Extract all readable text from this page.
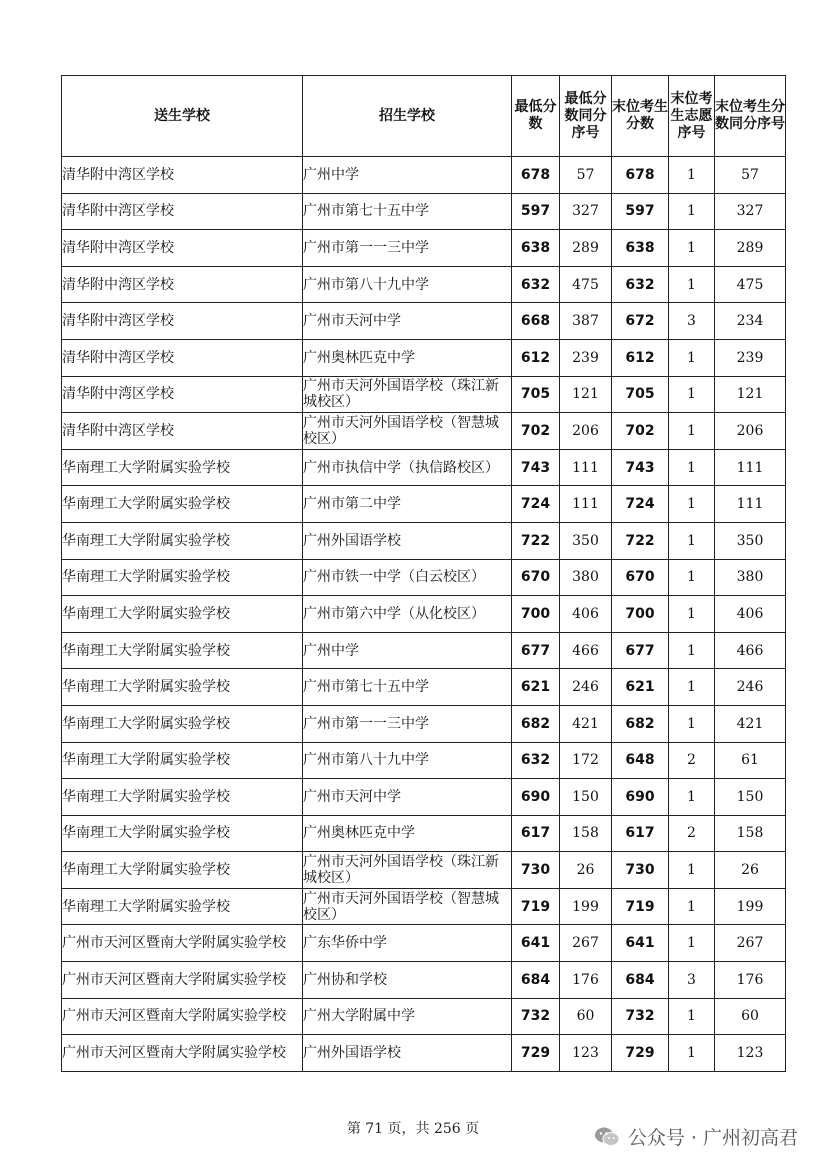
送生学校	招生学校	最低分数	最低分数同分序号	末位考生分数	末位考生志愿序号	末位考生分数同分序号
清华附中湾区学校	广州中学	678	57	678	1	57
清华附中湾区学校	广州市第七十五中学	597	327	597	1	327
清华附中湾区学校	广州市第一一三中学	638	289	638	1	289
清华附中湾区学校	广州市第八十九中学	632	475	632	1	475
清华附中湾区学校	广州市天河中学	668	387	672	3	234
清华附中湾区学校	广州奥林匹克中学	612	239	612	1	239
清华附中湾区学校	广州市天河外国语学校（珠江新城校区）	705	121	705	1	121
清华附中湾区学校	广州市天河外国语学校（智慧城校区）	702	206	702	1	206
华南理工大学附属实验学校	广州市执信中学（执信路校区）	743	111	743	1	111
华南理工大学附属实验学校	广州市第二中学	724	111	724	1	111
华南理工大学附属实验学校	广州外国语学校	722	350	722	1	350
华南理工大学附属实验学校	广州市铁一中学（白云校区）	670	380	670	1	380
华南理工大学附属实验学校	广州市第六中学（从化校区）	700	406	700	1	406
华南理工大学附属实验学校	广州中学	677	466	677	1	466
华南理工大学附属实验学校	广州市第七十五中学	621	246	621	1	246
华南理工大学附属实验学校	广州市第一一三中学	682	421	682	1	421
华南理工大学附属实验学校	广州市第八十九中学	632	172	648	2	61
华南理工大学附属实验学校	广州市天河中学	690	150	690	1	150
华南理工大学附属实验学校	广州奥林匹克中学	617	158	617	2	158
华南理工大学附属实验学校	广州市天河外国语学校（珠江新城校区）	730	26	730	1	26
华南理工大学附属实验学校	广州市天河外国语学校（智慧城校区）	719	199	719	1	199
广州市天河区暨南大学附属实验学校	广东华侨中学	641	267	641	1	267
广州市天河区暨南大学附属实验学校	广州协和学校	684	176	684	3	176
广州市天河区暨南大学附属实验学校	广州大学附属中学	732	60	732	1	60
广州市天河区暨南大学附属实验学校	广州外国语学校	729	123	729	1	123
第 71 页，共 256 页	公众号 · 广州初高君
